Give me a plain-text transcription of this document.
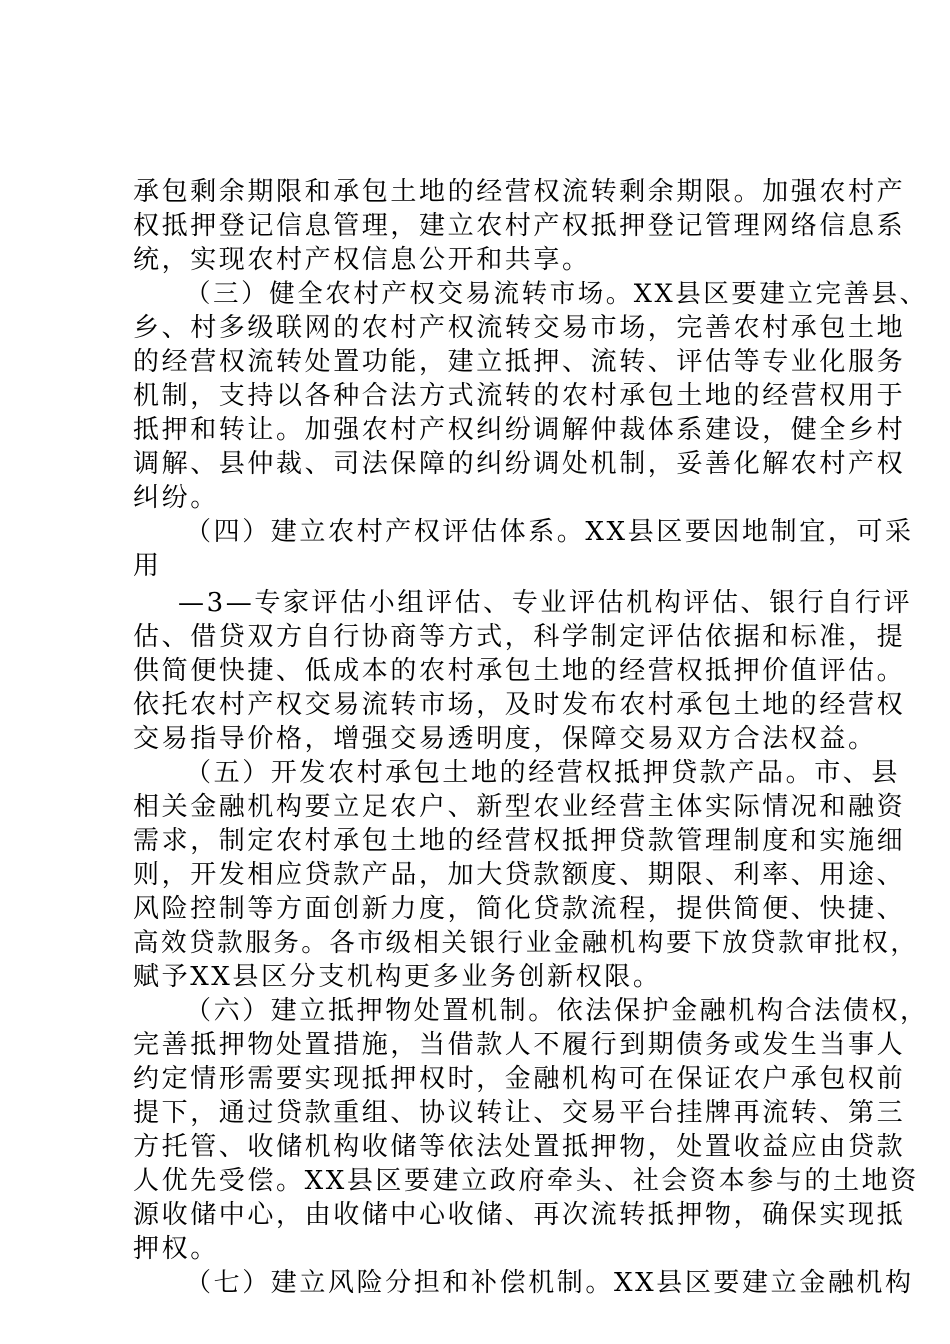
承包剩余期限和承包土地的经营权流转剩余期限。加强农村产
权抵押登记信息管理，建立农村产权抵押登记管理网络信息系
统，实现农村产权信息公开和共享。
（三）健全农村产权交易流转市场。XX县区要建立完善县、
乡、村多级联网的农村产权流转交易市场，完善农村承包土地
的经营权流转处置功能，建立抵押、流转、评估等专业化服务
机制，支持以各种合法方式流转的农村承包土地的经营权用于
抵押和转让。加强农村产权纠纷调解仲裁体系建设，健全乡村
调解、县仲裁、司法保障的纠纷调处机制，妥善化解农村产权
纠纷。
（四）建立农村产权评估体系。XX县区要因地制宜，可采
用
—3—专家评估小组评估、专业评估机构评估、银行自行评
估、借贷双方自行协商等方式，科学制定评估依据和标准，提
供简便快捷、低成本的农村承包土地的经营权抵押价值评估。
依托农村产权交易流转市场，及时发布农村承包土地的经营权
交易指导价格，增强交易透明度，保障交易双方合法权益。
（五）开发农村承包土地的经营权抵押贷款产品。市、县
相关金融机构要立足农户、新型农业经营主体实际情况和融资
需求，制定农村承包土地的经营权抵押贷款管理制度和实施细
则，开发相应贷款产品，加大贷款额度、期限、利率、用途、
风险控制等方面创新力度，简化贷款流程，提供简便、快捷、
高效贷款服务。各市级相关银行业金融机构要下放贷款审批权，
赋予XX县区分支机构更多业务创新权限。
（六）建立抵押物处置机制。依法保护金融机构合法债权，
完善抵押物处置措施，当借款人不履行到期债务或发生当事人
约定情形需要实现抵押权时，金融机构可在保证农户承包权前
提下，通过贷款重组、协议转让、交易平台挂牌再流转、第三
方托管、收储机构收储等依法处置抵押物，处置收益应由贷款
人优先受偿。XX县区要建立政府牵头、社会资本参与的土地资
源收储中心，由收储中心收储、再次流转抵押物，确保实现抵
押权。
（七）建立风险分担和补偿机制。XX县区要建立金融机构
